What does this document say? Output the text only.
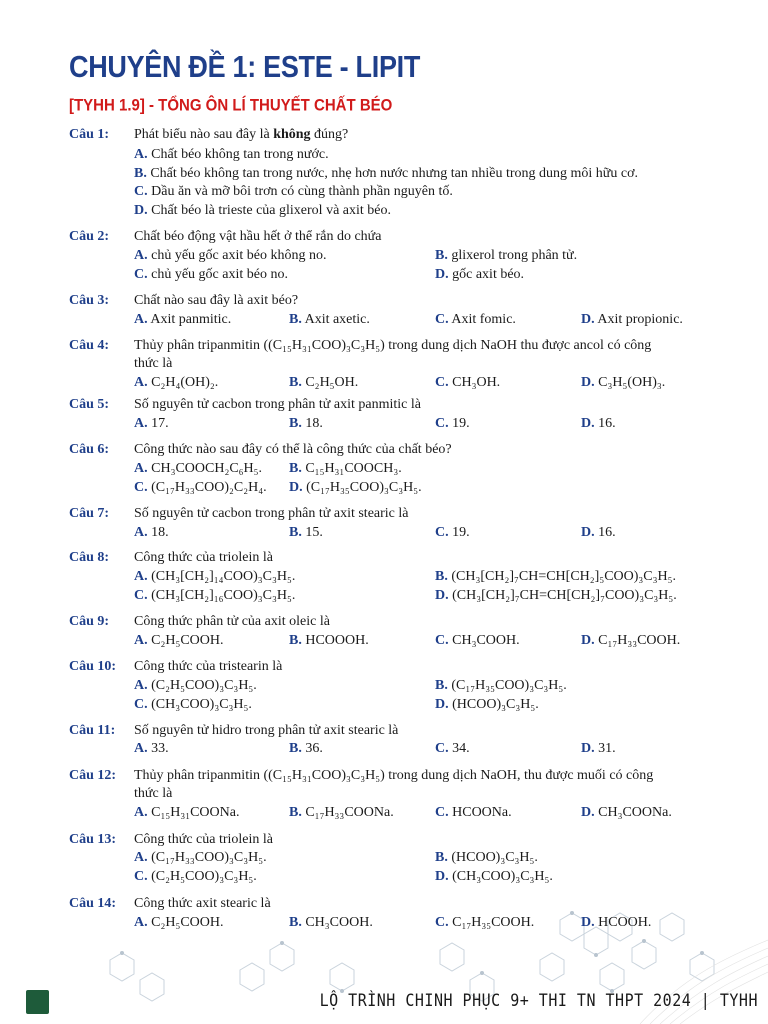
CHUYÊN ĐỀ 1: ESTE - LIPIT
[TYHH 1.9] - TỔNG ÔN LÍ THUYẾT CHẤT BÉO
Câu 1: Phát biểu nào sau đây là không đúng?
A. Chất béo không tan trong nước.
B. Chất béo không tan trong nước, nhẹ hơn nước nhưng tan nhiều trong dung môi hữu cơ.
C. Dầu ăn và mỡ bôi trơn có cùng thành phần nguyên tố.
D. Chất béo là trieste của glixerol và axit béo.
Câu 2: Chất béo động vật hầu hết ở thể rắn do chứa
A. chủ yếu gốc axit béo không no.	B. glixerol trong phân tử.
C. chủ yếu gốc axit béo no.	D. gốc axit béo.
Câu 3: Chất nào sau đây là axit béo?
A. Axit panmitic.	B. Axit axetic.	C. Axit fomic.	D. Axit propionic.
Câu 4: Thủy phân tripanmitin ((C₁₅H₃₁COO)₃C₃H₅) trong dung dịch NaOH thu được ancol có công
thức là
A. C₂H₄(OH)₂.	B. C₂H₅OH.	C. CH₃OH.	D. C₃H₅(OH)₃.
Câu 5: Số nguyên tử cacbon trong phân tử axit panmitic là
A. 17.	B. 18.	C. 19.	D. 16.
Câu 6: Công thức nào sau đây có thể là công thức của chất béo?
A. CH₃COOCH₂C₆H₅. B. C₁₅H₃₁COOCH₃.
C. (C₁₇H₃₃COO)₂C₂H₄. D. (C₁₇H₃₅COO)₃C₃H₅.
Câu 7: Số nguyên tử cacbon trong phân tử axit stearic là
A. 18.	B. 15.	C. 19.	D. 16.
Câu 8: Công thức của triolein là
A. (CH₃[CH₂]₁₄COO)₃C₃H₅.	B. (CH₃[CH₂]₇CH=CH[CH₂]₅COO)₃C₃H₅.
C. (CH₃[CH₂]₁₆COO)₃C₃H₅.	D. (CH₃[CH₂]₇CH=CH[CH₂]₇COO)₃C₃H₅.
Câu 9: Công thức phân tử của axit oleic là
A. C₂H₅COOH.	B. HCOOOH.	C. CH₃COOH.	D. C₁₇H₃₃COOH.
Câu 10: Công thức của tristearin là
A. (C₂H₅COO)₃C₃H₅.	B. (C₁₇H₃₅COO)₃C₃H₅.
C. (CH₃COO)₃C₃H₅.	D. (HCOO)₃C₃H₅.
Câu 11: Số nguyên tử hidro trong phân tử axit stearic là
A. 33.	B. 36.	C. 34.	D. 31.
Câu 12: Thủy phân tripanmitin ((C₁₅H₃₁COO)₃C₃H₅) trong dung dịch NaOH, thu được muối có công
thức là
A. C₁₅H₃₁COONa.	B. C₁₇H₃₃COONa.	C. HCOONa.	D. CH₃COONa.
Câu 13: Công thức của triolein là
A. (C₁₇H₃₃COO)₃C₃H₅.	B. (HCOO)₃C₃H₅.
C. (C₂H₅COO)₃C₃H₅.	D. (CH₃COO)₃C₃H₅.
Câu 14: Công thức axit stearic là
A. C₂H₅COOH.	B. CH₃COOH.	C. C₁₇H₃₅COOH.	D. HCOOH.
LỘ TRÌNH CHINH PHỤC 9+ THI TN THPT 2024 | TYHH
